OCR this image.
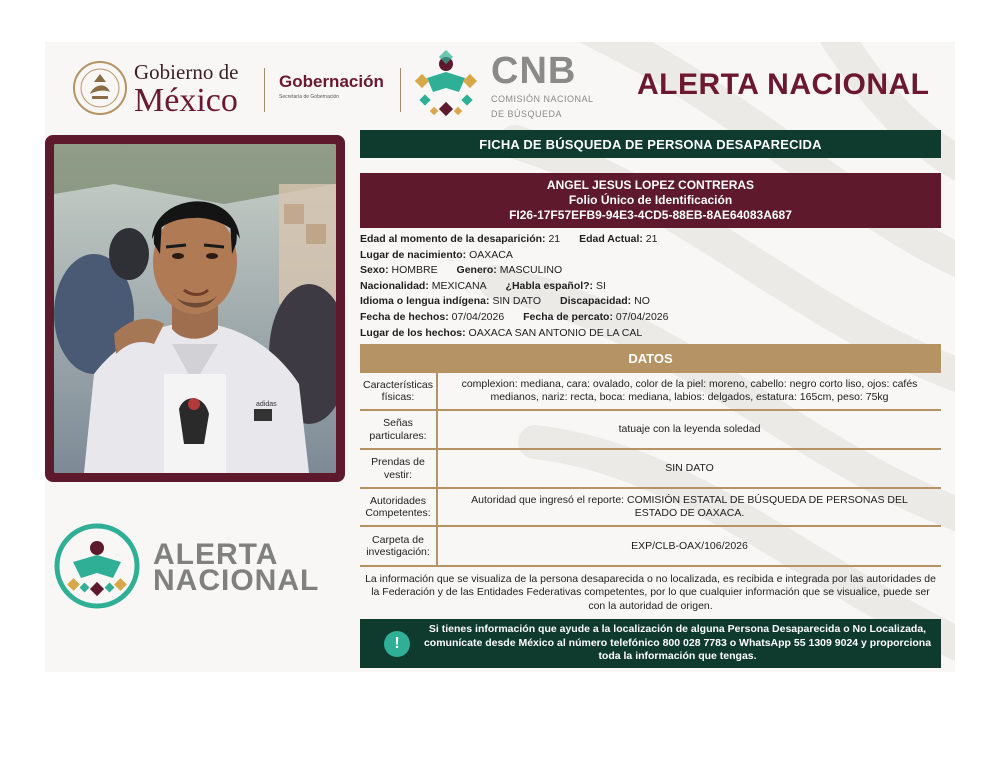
Gobierno de
México
Gobernación
Secretaría de Gobernación
CNB
COMISIÓN NACIONAL
DE BÚSQUEDA
ALERTA NACIONAL
adidas
ALERTA
NACIONAL
FICHA DE BÚSQUEDA DE PERSONA DESAPARECIDA
ANGEL JESUS LOPEZ CONTRERAS
Folio Único de Identificación
FI26-17F57EFB9-94E3-4CD5-88EB-8AE64083A687
Edad al momento de la desaparición: 21 Edad Actual: 21
Lugar de nacimiento: OAXACA
Sexo: HOMBRE Genero: MASCULINO
Nacionalidad: MEXICANA ¿Habla español?: SI
Idioma o lengua indígena: SIN DATO Discapacidad: NO
Fecha de hechos: 07/04/2026 Fecha de percato: 07/04/2026
Lugar de los hechos: OAXACA SAN ANTONIO DE LA CAL
DATOS
Características físicas:
complexion: mediana, cara: ovalado, color de la piel: moreno, cabello: negro corto liso, ojos: cafés medianos, nariz: recta, boca: mediana, labios: delgados, estatura: 165cm, peso: 75kg
Señas particulares:
tatuaje con la leyenda soledad
Prendas de vestir:
SIN DATO
Autoridades Competentes:
Autoridad que ingresó el reporte: COMISIÓN ESTATAL DE BÚSQUEDA DE PERSONAS DEL ESTADO DE OAXACA.
Carpeta de investigación:
EXP/CLB-OAX/106/2026
La información que se visualiza de la persona desaparecida o no localizada, es recibida e integrada por las autoridades de la Federación y de las Entidades Federativas competentes, por lo que cualquier información que se visualice, puede ser con la autoridad de origen.
!
Si tienes información que ayude a la localización de alguna Persona Desaparecida o No Localizada, comunícate desde México al número telefónico 800 028 7783 o WhatsApp 55 1309 9024 y proporciona toda la información que tengas.
